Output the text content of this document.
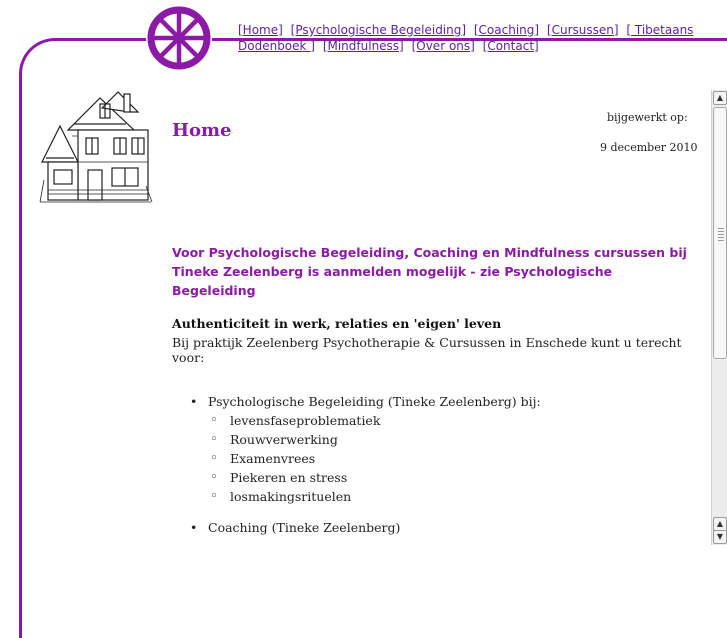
[Home] [Psychologische Begeleiding] [Coaching] [Cursussen] [ Tibetaans Dodenboek ] [Mindfulness] [Over ons] [Contact]
Home
bijgewerkt op:
9 december 2010

Voor Psychologische Begeleiding, Coaching en Mindfulness cursussen bij Tineke Zeelenberg is aanmelden mogelijk - zie Psychologische Begeleiding

Authenticiteit in werk, relaties en 'eigen' leven

Bij praktijk Zeelenberg Psychotherapie & Cursussen in Enschede kunt u terecht voor:

• Psychologische Begeleiding (Tineke Zeelenberg) bij:
◦ levensfaseproblematiek
◦ Rouwverwerking
◦ Examenvrees
◦ Piekeren en stress
◦ losmakingsrituelen
• Coaching (Tineke Zeelenberg)
▲
▲
▼
